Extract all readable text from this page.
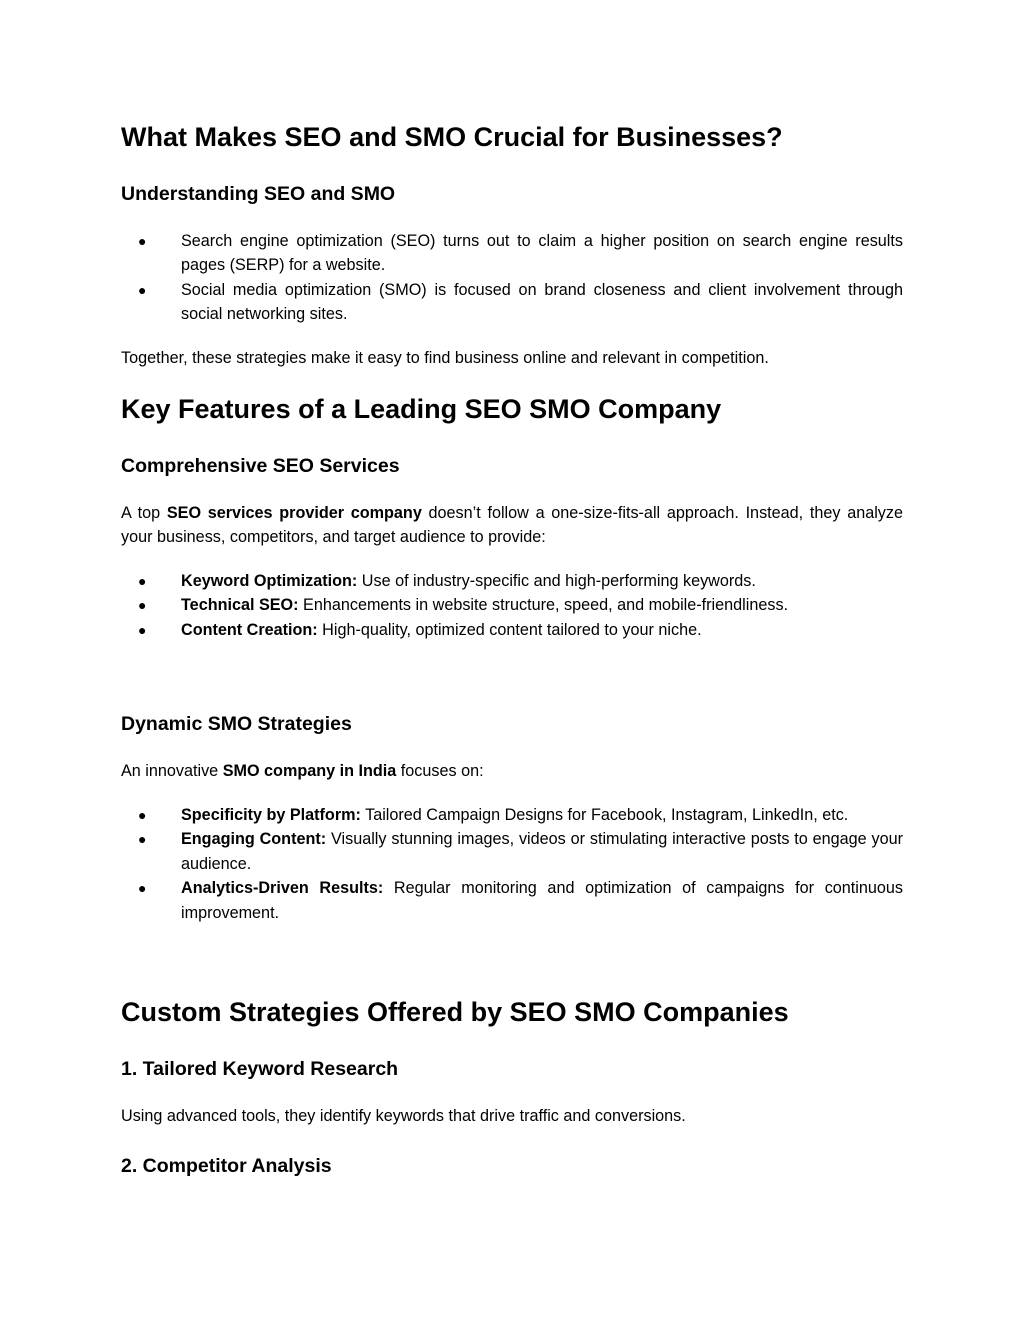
What Makes SEO and SMO Crucial for Businesses?
Understanding SEO and SMO
● Search engine optimization (SEO) turns out to claim a higher position on search engine results pages (SERP) for a website.
● Social media optimization (SMO) is focused on brand closeness and client involvement through social networking sites.

Together, these strategies make it easy to find business online and relevant in competition.

Key Features of a Leading SEO SMO Company
Comprehensive SEO Services

A top SEO services provider company doesn’t follow a one-size-fits-all approach. Instead, they analyze your business, competitors, and target audience to provide:

● Keyword Optimization: Use of industry-specific and high-performing keywords.
● Technical SEO: Enhancements in website structure, speed, and mobile-friendliness.
● Content Creation: High-quality, optimized content tailored to your niche.
Dynamic SMO Strategies

An innovative SMO company in India focuses on:

● Specificity by Platform: Tailored Campaign Designs for Facebook, Instagram, LinkedIn, etc.
● Engaging Content: Visually stunning images, videos or stimulating interactive posts to engage your audience.
● Analytics-Driven Results: Regular monitoring and optimization of campaigns for continuous improvement.
Custom Strategies Offered by SEO SMO Companies
1. Tailored Keyword Research

Using advanced tools, they identify keywords that drive traffic and conversions.

2. Competitor Analysis
